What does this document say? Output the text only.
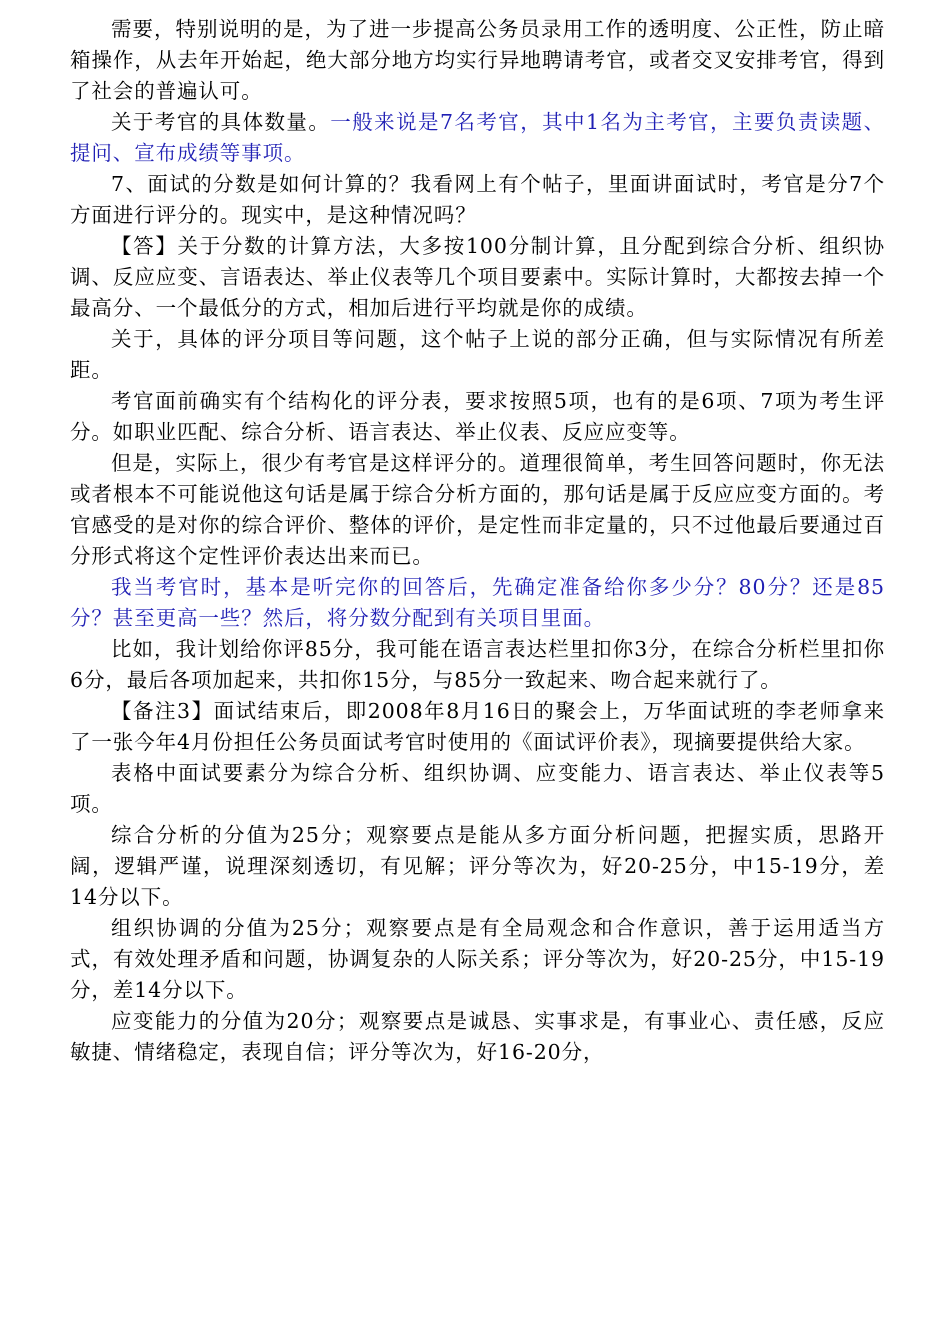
需要，特别说明的是，为了进一步提高公务员录用工作的透明度、公正性，防止暗箱操作，从去年开始起，绝大部分地方均实行异地聘请考官，或者交叉安排考官，得到了社会的普遍认可。

关于考官的具体数量。一般来说是7名考官，其中1名为主考官，主要负责读题、提问、宣布成绩等事项。

7、面试的分数是如何计算的？我看网上有个帖子，里面讲面试时，考官是分7个方面进行评分的。现实中，是这种情况吗？

【答】关于分数的计算方法，大多按100分制计算，且分配到综合分析、组织协调、反应应变、言语表达、举止仪表等几个项目要素中。实际计算时，大都按去掉一个最高分、一个最低分的方式，相加后进行平均就是你的成绩。

关于，具体的评分项目等问题，这个帖子上说的部分正确，但与实际情况有所差距。

考官面前确实有个结构化的评分表，要求按照5项，也有的是6项、7项为考生评分。如职业匹配、综合分析、语言表达、举止仪表、反应应变等。

但是，实际上，很少有考官是这样评分的。道理很简单，考生回答问题时，你无法或者根本不可能说他这句话是属于综合分析方面的，那句话是属于反应应变方面的。考官感受的是对你的综合评价、整体的评价，是定性而非定量的，只不过他最后要通过百分形式将这个定性评价表达出来而已。

我当考官时，基本是听完你的回答后，先确定准备给你多少分？80分？还是85分？甚至更高一些？然后，将分数分配到有关项目里面。

比如，我计划给你评85分，我可能在语言表达栏里扣你3分，在综合分析栏里扣你6分，最后各项加起来，共扣你15分，与85分一致起来、吻合起来就行了。

【备注3】面试结束后，即2008年8月16日的聚会上，万华面试班的李老师拿来了一张今年4月份担任公务员面试考官时使用的《面试评价表》，现摘要提供给大家。

表格中面试要素分为综合分析、组织协调、应变能力、语言表达、举止仪表等5项。

综合分析的分值为25分；观察要点是能从多方面分析问题，把握实质，思路开阔，逻辑严谨，说理深刻透切，有见解；评分等次为，好20-25分，中15-19分，差14分以下。

组织协调的分值为25分；观察要点是有全局观念和合作意识，善于运用适当方式，有效处理矛盾和问题，协调复杂的人际关系；评分等次为，好20-25分，中15-19分，差14分以下。

应变能力的分值为20分；观察要点是诚恳、实事求是，有事业心、责任感，反应敏捷、情绪稳定，表现自信；评分等次为，好16-20分，
